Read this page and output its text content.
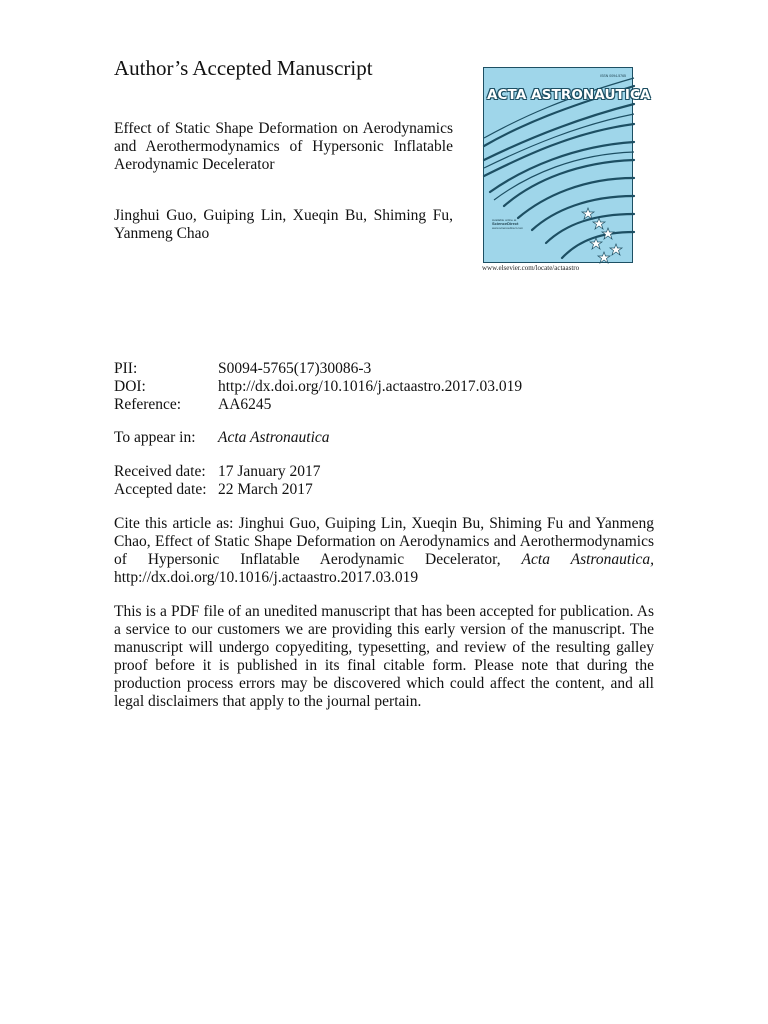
Author’s Accepted Manuscript
Effect of Static Shape Deformation on Aerodynamics and Aerothermodynamics of Hypersonic Inflatable Aerodynamic Decelerator
Jinghui Guo, Guiping Lin, Xueqin Bu, Shiming Fu, Yanmeng Chao
ISSN 0094-5765
ACTA ASTRONAUTICA
Available online at
ScienceDirect
www.sciencedirect.com
www.elsevier.com/locate/actaastro
PII:	S0094-5765(17)30086-3
DOI:	http://dx.doi.org/10.1016/j.actaastro.2017.03.019
Reference: AA6245
To appear in: Acta Astronautica
Received date: 17 January 2017
Accepted date: 22 March 2017
Cite this article as: Jinghui Guo, Guiping Lin, Xueqin Bu, Shiming Fu and Yanmeng Chao, Effect of Static Shape Deformation on Aerodynamics and Aerothermodynamics of Hypersonic Inflatable Aerodynamic Decelerator, Acta Astronautica, http://dx.doi.org/10.1016/j.actaastro.2017.03.019
This is a PDF file of an unedited manuscript that has been accepted for publication. As a service to our customers we are providing this early version of the manuscript. The manuscript will undergo copyediting, typesetting, and review of the resulting galley proof before it is published in its final citable form. Please note that during the production process errors may be discovered which could affect the content, and all legal disclaimers that apply to the journal pertain.
